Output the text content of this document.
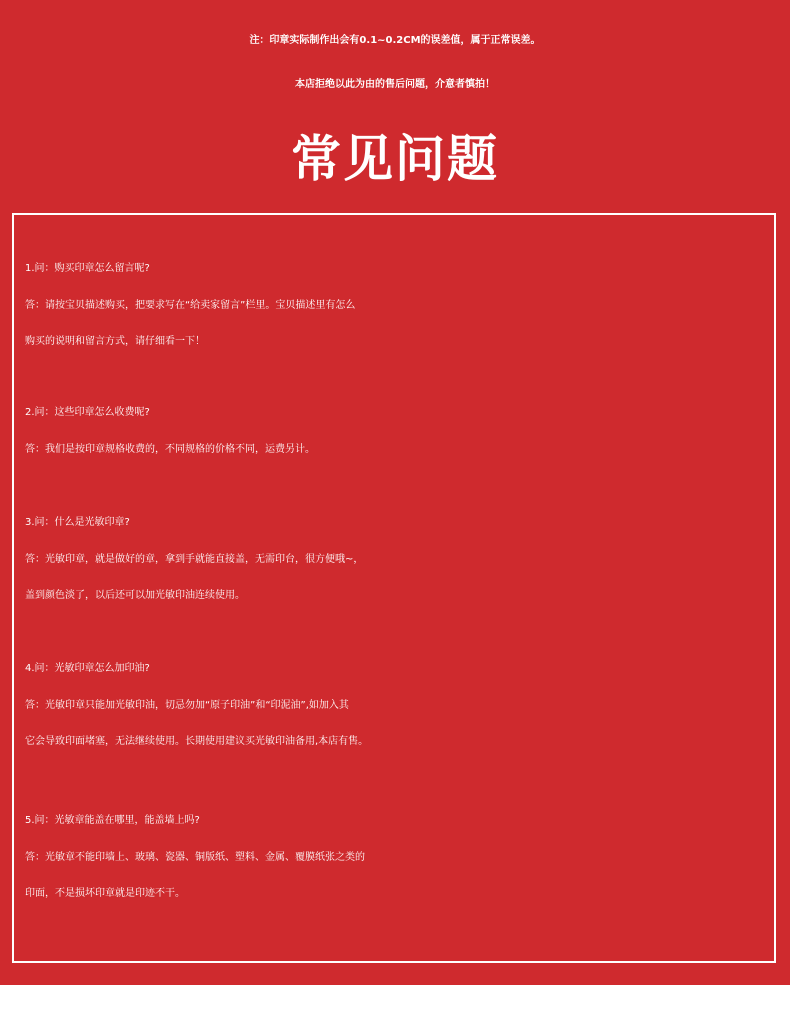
注：印章实际制作出会有0.1~0.2CM的误差值，属于正常误差。
本店拒绝以此为由的售后问题，介意者慎拍！
常见问题
1.问：购买印章怎么留言呢?
答：请按宝贝描述购买，把要求写在“给卖家留言”栏里。宝贝描述里有怎么
购买的说明和留言方式，请仔细看一下！
2.问：这些印章怎么收费呢?
答：我们是按印章规格收费的，不同规格的价格不同，运费另计。
3.问：什么是光敏印章?
答：光敏印章，就是做好的章，拿到手就能直接盖，无需印台，很方便哦~，
盖到颜色淡了，以后还可以加光敏印油连续使用。
4.问：光敏印章怎么加印油?
答：光敏印章只能加光敏印油，切忌勿加“原子印油”和“印泥油”,如加入其
它会导致印面堵塞，无法继续使用。长期使用建议买光敏印油备用,本店有售。
5.问：光敏章能盖在哪里，能盖墙上吗?
答：光敏章不能印墙上、玻璃、瓷器、铜版纸、塑料、金属、覆膜纸张之类的
印面，不是损坏印章就是印迹不干。
